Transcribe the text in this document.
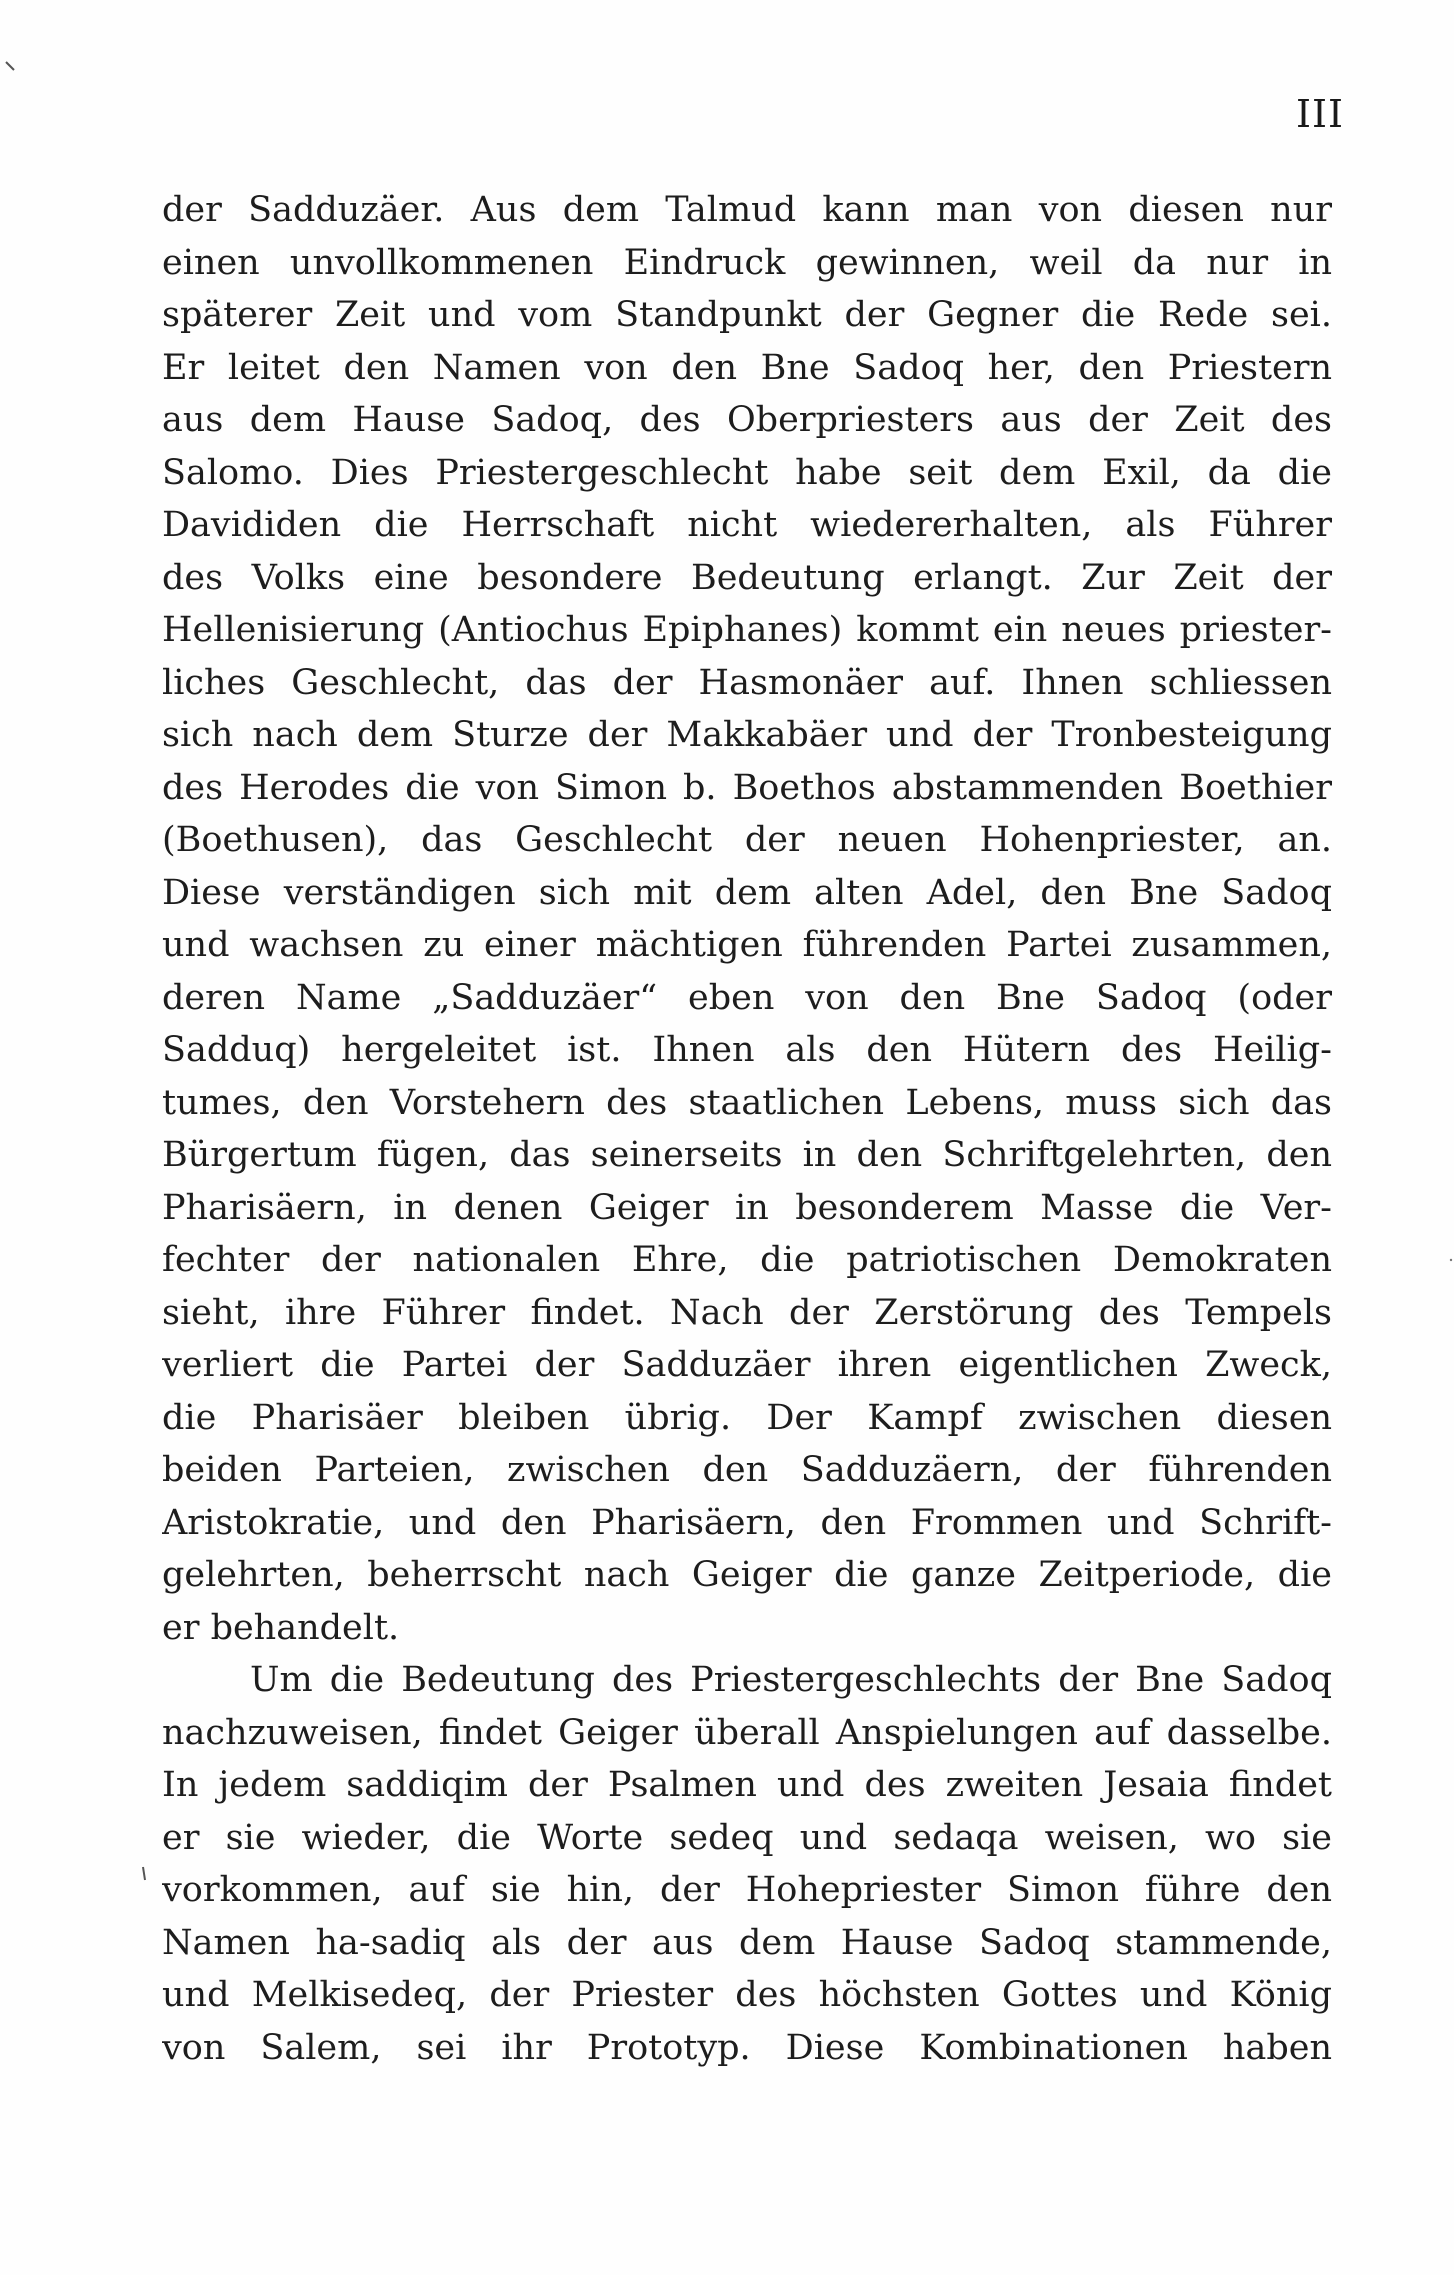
III
der Sadduzäer. Aus dem Talmud kann man von diesen nur
einen unvollkommenen Eindruck gewinnen, weil da nur in
späterer Zeit und vom Standpunkt der Gegner die Rede sei.
Er leitet den Namen von den Bne Sadoq her, den Priestern
aus dem Hause Sadoq, des Oberpriesters aus der Zeit des
Salomo. Dies Priestergeschlecht habe seit dem Exil, da die
Davididen die Herrschaft nicht wiedererhalten, als Führer
des Volks eine besondere Bedeutung erlangt. Zur Zeit der
Hellenisierung (Antiochus Epiphanes) kommt ein neues priester-
liches Geschlecht, das der Hasmonäer auf. Ihnen schliessen
sich nach dem Sturze der Makkabäer und der Tronbesteigung
des Herodes die von Simon b. Boethos abstammenden Boethier
(Boethusen), das Geschlecht der neuen Hohenpriester, an.
Diese verständigen sich mit dem alten Adel, den Bne Sadoq
und wachsen zu einer mächtigen führenden Partei zusammen,
deren Name „Sadduzäer“ eben von den Bne Sadoq (oder
Sadduq) hergeleitet ist. Ihnen als den Hütern des Heilig-
tumes, den Vorstehern des staatlichen Lebens, muss sich das
Bürgertum fügen, das seinerseits in den Schriftgelehrten, den
Pharisäern, in denen Geiger in besonderem Masse die Ver-
fechter der nationalen Ehre, die patriotischen Demokraten
sieht, ihre Führer findet. Nach der Zerstörung des Tempels
verliert die Partei der Sadduzäer ihren eigentlichen Zweck,
die Pharisäer bleiben übrig. Der Kampf zwischen diesen
beiden Parteien, zwischen den Sadduzäern, der führenden
Aristokratie, und den Pharisäern, den Frommen und Schrift-
gelehrten, beherrscht nach Geiger die ganze Zeitperiode, die
er behandelt.
Um die Bedeutung des Priestergeschlechts der Bne Sadoq
nachzuweisen, findet Geiger überall Anspielungen auf dasselbe.
In jedem saddiqim der Psalmen und des zweiten Jesaia findet
er sie wieder, die Worte sedeq und sedaqa weisen, wo sie
vorkommen, auf sie hin, der Hohepriester Simon führe den
Namen ha-sadiq als der aus dem Hause Sadoq stammende,
und Melkisedeq, der Priester des höchsten Gottes und König
von Salem, sei ihr Prototyp. Diese Kombinationen haben
